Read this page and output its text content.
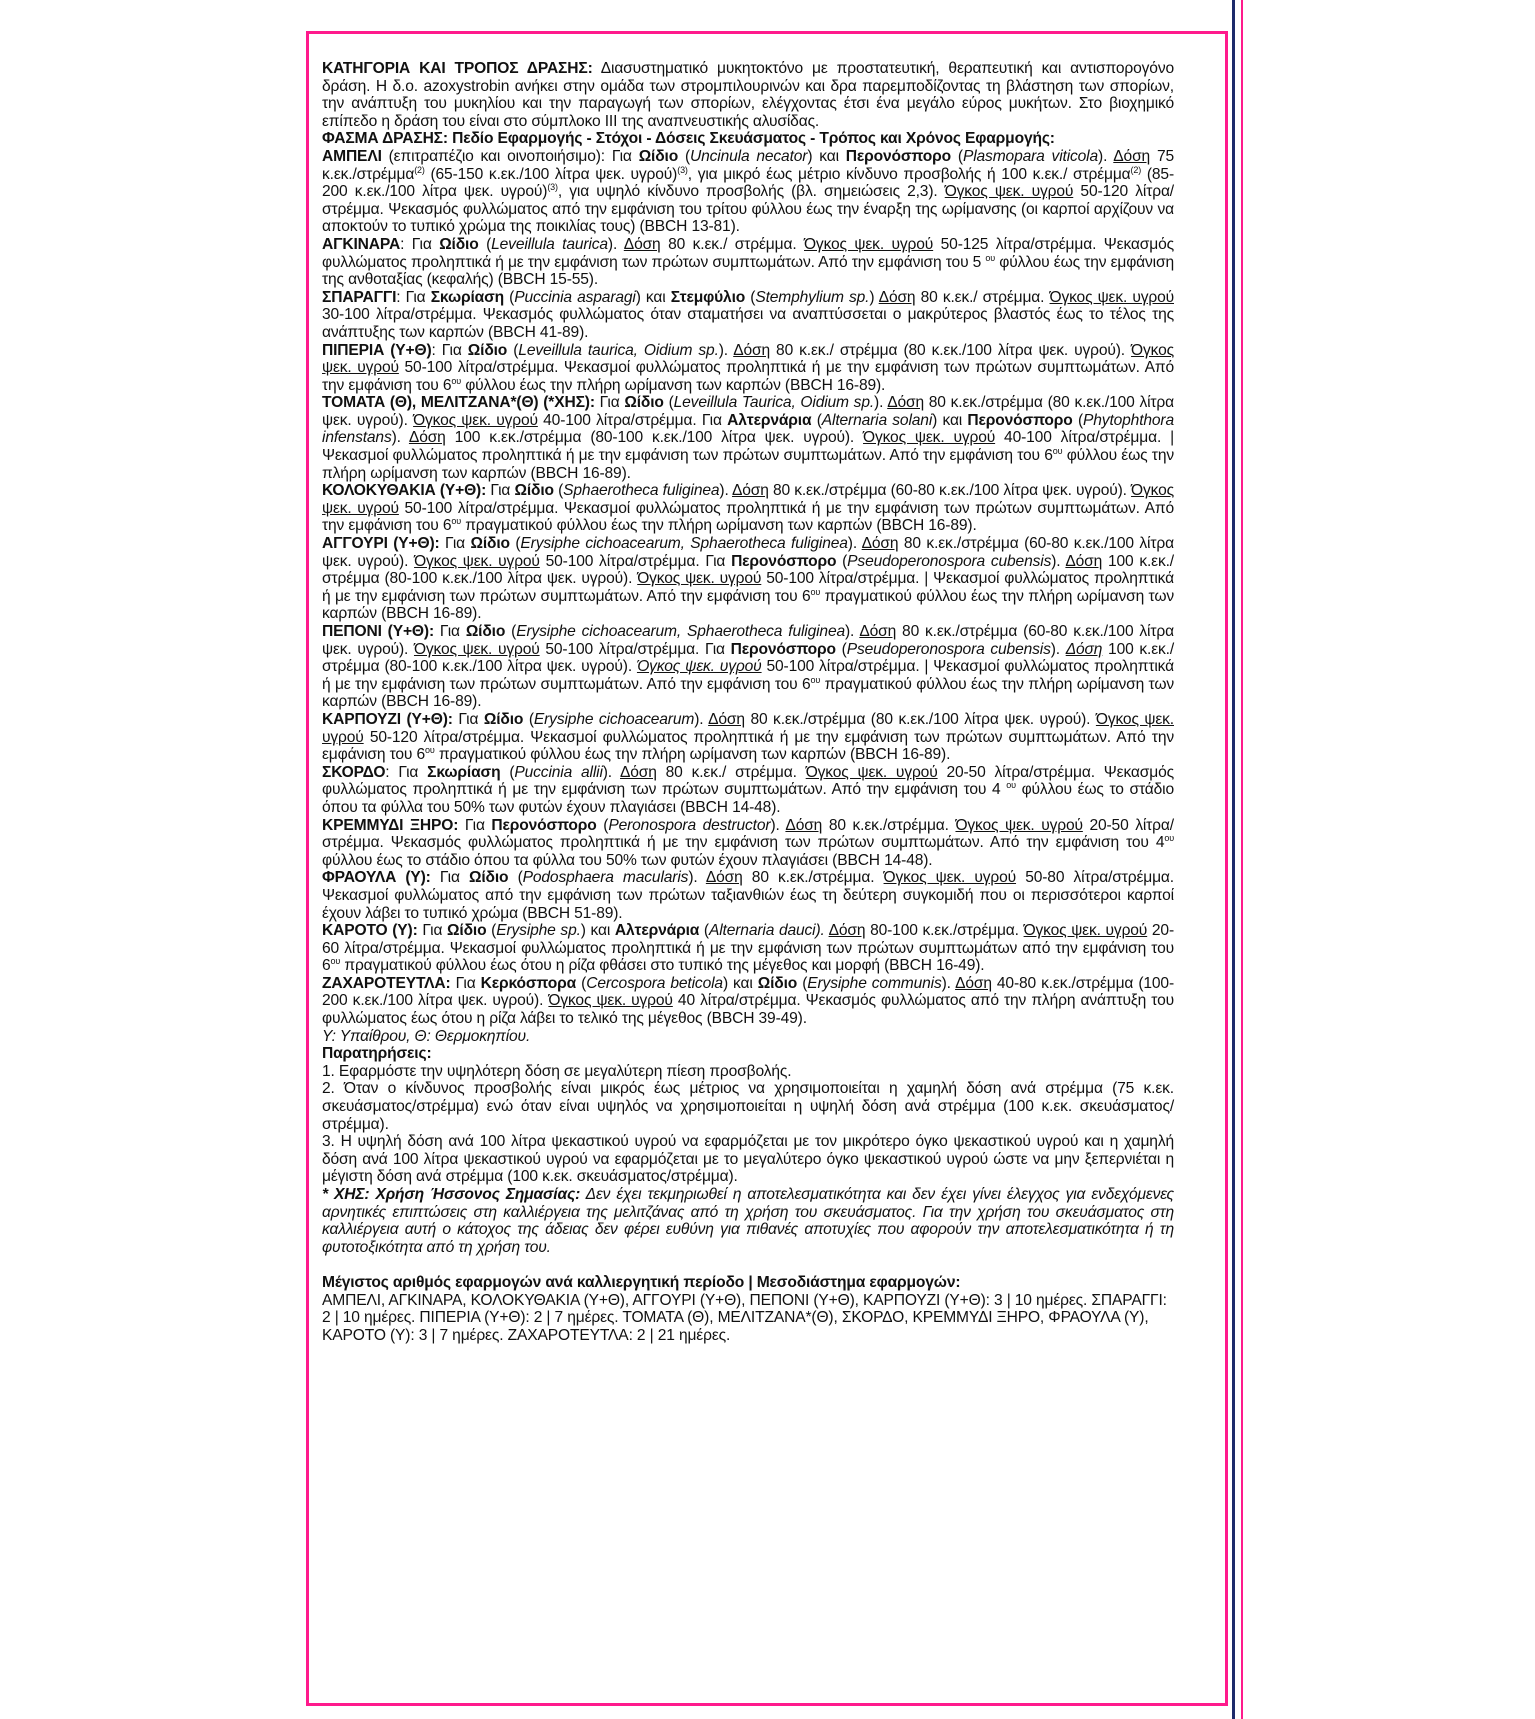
ΚΑΤΗΓΟΡΙΑ ΚΑΙ ΤΡΟΠΟΣ ΔΡΑΣΗΣ: Διασυστηματικό μυκητοκτόνο με προστατευτική, θεραπευτική και αντισπορογόνο δράση. Η δ.ο. azoxystrobin ανήκει στην ομάδα των στρομπιλουρινών και δρα παρεμποδίζοντας τη βλάστηση των σπορίων, την ανάπτυξη του μυκηλίου και την παραγωγή των σπορίων, ελέγχοντας έτσι ένα μεγάλο εύρος μυκήτων. Στο βιοχημικό επίπεδο η δράση του είναι στο σύμπλοκο ΙΙΙ της αναπνευστικής αλυσίδας.

ΦΑΣΜΑ ΔΡΑΣΗΣ: Πεδίο Εφαρμογής - Στόχοι - Δόσεις Σκευάσματος - Τρόπος και Χρόνος Εφαρμογής:

ΑΜΠΕΛΙ (επιτραπέζιο και οινοποιήσιμο): Για Ωίδιο (Uncinula necator) και Περονόσπορο (Plasmopara viticola). Δόση 75 κ.εκ./στρέμμα$^{(2)}$ (65-150 κ.εκ./100 λίτρα ψεκ. υγρού)$^{(3)}$, για μικρό έως μέτριο κίνδυνο προσβολής ή 100 κ.εκ./ στρέμμα$^{(2)}$ (85-200 κ.εκ./100 λίτρα ψεκ. υγρού)$^{(3)}$, για υψηλό κίνδυνο προσβολής (βλ. σημειώσεις 2,3). Όγκος ψεκ. υγρού 50-120 λίτρα/στρέμμα. Ψεκασμός φυλλώματος από την εμφάνιση του τρίτου φύλλου έως την έναρξη της ωρίμανσης (οι καρποί αρχίζουν να αποκτούν το τυπικό χρώμα της ποικιλίας τους) (BBCH 13-81).

ΑΓΚΙΝΑΡΑ: Για Ωίδιο (Leveillula taurica). Δόση 80 κ.εκ./ στρέμμα. Όγκος ψεκ. υγρού 50-125 λίτρα/στρέμμα. Ψεκασμός φυλλώματος προληπτικά ή με την εμφάνιση των πρώτων συμπτωμάτων. Από την εμφάνιση του 5 $^{o\upsilon}$ φύλλου έως την εμφάνιση της ανθοταξίας (κεφαλής) (BBCH 15-55).

ΣΠΑΡΑΓΓΙ: Για Σκωρίαση (Puccinia asparagi) και Στεμφύλιο (Stemphylium sp.) Δόση 80 κ.εκ./ στρέμμα. Όγκος ψεκ. υγρού 30-100 λίτρα/στρέμμα. Ψεκασμός φυλλώματος όταν σταματήσει να αναπτύσσεται ο μακρύτερος βλαστός έως το τέλος της ανάπτυξης των καρπών (BBCH 41-89).

ΠΙΠΕΡΙΑ (Υ+Θ): Για Ωίδιο (Leveillula taurica, Oidium sp.). Δόση 80 κ.εκ./ στρέμμα (80 κ.εκ./100 λίτρα ψεκ. υγρού). Όγκος ψεκ. υγρού 50-100 λίτρα/στρέμμα. Ψεκασμοί φυλλώματος προληπτικά ή με την εμφάνιση των πρώτων συμπτωμάτων. Από την εμφάνιση του $6^{o\upsilon}$ φύλλου έως την πλήρη ωρίμανση των καρπών (BBCH 16-89).

ΤΟΜΑΤΑ (Θ), ΜΕΛΙΤΖΑΝΑ*(Θ) (*ΧΗΣ): Για Ωίδιο (Leveillula Taurica, Oidium sp.). Δόση 80 κ.εκ./στρέμμα (80 κ.εκ./100 λίτρα ψεκ. υγρού). Όγκος ψεκ. υγρού 40-100 λίτρα/στρέμμα. Για Αλτερνάρια (Alternaria solani) και Περονόσπορο (Phytophthora infenstans). Δόση 100 κ.εκ./στρέμμα (80-100 κ.εκ./100 λίτρα ψεκ. υγρού). Όγκος ψεκ. υγρού 40-100 λίτρα/στρέμμα. | Ψεκασμοί φυλλώματος προληπτικά ή με την εμφάνιση των πρώτων συμπτωμάτων. Από την εμφάνιση του $6^{o\upsilon}$ φύλλου έως την πλήρη ωρίμανση των καρπών (BBCH 16-89).

ΚΟΛΟΚΥΘΑΚΙΑ (Υ+Θ): Για Ωίδιο (Sphaerotheca fuliginea). Δόση 80 κ.εκ./στρέμμα (60-80 κ.εκ./100 λίτρα ψεκ. υγρού). Όγκος ψεκ. υγρού 50-100 λίτρα/στρέμμα. Ψεκασμοί φυλλώματος προληπτικά ή με την εμφάνιση των πρώτων συμπτωμάτων. Από την εμφάνιση του $6^{o\upsilon}$ πραγματικού φύλλου έως την πλήρη ωρίμανση των καρπών (BBCH 16-89).

ΑΓΓΟΥΡΙ (Υ+Θ): Για Ωίδιο (Erysiphe cichoacearum, Sphaerotheca fuliginea). Δόση 80 κ.εκ./στρέμμα (60-80 κ.εκ./100 λίτρα ψεκ. υγρού). Όγκος ψεκ. υγρού 50-100 λίτρα/στρέμμα. Για Περονόσπορο (Pseudoperonospora cubensis). Δόση 100 κ.εκ./στρέμμα (80-100 κ.εκ./100 λίτρα ψεκ. υγρού). Όγκος ψεκ. υγρού 50-100 λίτρα/στρέμμα. | Ψεκασμοί φυλλώματος προληπτικά ή με την εμφάνιση των πρώτων συμπτωμάτων. Από την εμφάνιση του $6^{o\upsilon}$ πραγματικού φύλλου έως την πλήρη ωρίμανση των καρπών (BBCH 16-89).

ΠΕΠΟΝΙ (Υ+Θ): Για Ωίδιο (Erysiphe cichoacearum, Sphaerotheca fuliginea). Δόση 80 κ.εκ./στρέμμα (60-80 κ.εκ./100 λίτρα ψεκ. υγρού). Όγκος ψεκ. υγρού 50-100 λίτρα/στρέμμα. Για Περονόσπορο (Pseudoperonospora cubensis). Δόση 100 κ.εκ./στρέμμα (80-100 κ.εκ./100 λίτρα ψεκ. υγρού). Όγκος ψεκ. υγρού 50-100 λίτρα/στρέμμα. | Ψεκασμοί φυλλώματος προληπτικά ή με την εμφάνιση των πρώτων συμπτωμάτων. Από την εμφάνιση του $6^{o\upsilon}$ πραγματικού φύλλου έως την πλήρη ωρίμανση των καρπών (BBCH 16-89).

ΚΑΡΠΟΥΖΙ (Υ+Θ): Για Ωίδιο (Erysiphe cichoacearum). Δόση 80 κ.εκ./στρέμμα (80 κ.εκ./100 λίτρα ψεκ. υγρού). Όγκος ψεκ. υγρού 50-120 λίτρα/στρέμμα. Ψεκασμοί φυλλώματος προληπτικά ή με την εμφάνιση των πρώτων συμπτωμάτων. Από την εμφάνιση του $6^{o\upsilon}$ πραγματικού φύλλου έως την πλήρη ωρίμανση των καρπών (BBCH 16-89).

ΣΚΟΡΔΟ: Για Σκωρίαση (Puccinia allii). Δόση 80 κ.εκ./ στρέμμα. Όγκος ψεκ. υγρού 20-50 λίτρα/στρέμμα. Ψεκασμός φυλλώματος προληπτικά ή με την εμφάνιση των πρώτων συμπτωμάτων. Από την εμφάνιση του 4 $^{o\upsilon}$ φύλλου έως το στάδιο όπου τα φύλλα του 50% των φυτών έχουν πλαγιάσει (BBCH 14-48).

ΚΡΕΜΜΥΔΙ ΞΗΡΟ: Για Περονόσπορο (Peronospora destructor). Δόση 80 κ.εκ./στρέμμα. Όγκος ψεκ. υγρού 20-50 λίτρα/στρέμμα. Ψεκασμός φυλλώματος προληπτικά ή με την εμφάνιση των πρώτων συμπτωμάτων. Από την εμφάνιση του $4^{o\upsilon}$ φύλλου έως το στάδιο όπου τα φύλλα του 50% των φυτών έχουν πλαγιάσει (BBCH 14-48).

ΦΡΑΟΥΛΑ (Υ): Για Ωίδιο (Podosphaera macularis). Δόση 80 κ.εκ./στρέμμα. Όγκος ψεκ. υγρού 50-80 λίτρα/στρέμμα. Ψεκασμοί φυλλώματος από την εμφάνιση των πρώτων ταξιανθιών έως τη δεύτερη συγκομιδή που οι περισσότεροι καρποί έχουν λάβει το τυπικό χρώμα (BBCH 51-89).

ΚΑΡΟΤΟ (Υ): Για Ωίδιο (Erysiphe sp.) και Αλτερνάρια (Alternaria dauci). Δόση 80-100 κ.εκ./στρέμμα. Όγκος ψεκ. υγρού 20-60 λίτρα/στρέμμα. Ψεκασμοί φυλλώματος προληπτικά ή με την εμφάνιση των πρώτων συμπτωμάτων από την εμφάνιση του $6^{o\upsilon}$ πραγματικού φύλλου έως ότου η ρίζα φθάσει στο τυπικό της μέγεθος και μορφή (BBCH 16-49).

ΖΑΧΑΡΟΤΕΥΤΛΑ: Για Κερκόσπορα (Cercospora beticola) και Ωίδιο (Erysiphe communis). Δόση 40-80 κ.εκ./στρέμμα (100-200 κ.εκ./100 λίτρα ψεκ. υγρού). Όγκος ψεκ. υγρού 40 λίτρα/στρέμμα. Ψεκασμός φυλλώματος από την πλήρη ανάπτυξη του φυλλώματος έως ότου η ρίζα λάβει το τελικό της μέγεθος (BBCH 39-49).

Υ: Υπαίθρου, Θ: Θερμοκηπίου.

Παρατηρήσεις:

1. Εφαρμόστε την υψηλότερη δόση σε μεγαλύτερη πίεση προσβολής.

2. Όταν ο κίνδυνος προσβολής είναι μικρός έως μέτριος να χρησιμοποιείται η χαμηλή δόση ανά στρέμμα (75 κ.εκ. σκευάσματος/στρέμμα) ενώ όταν είναι υψηλός να χρησιμοποιείται η υψηλή δόση ανά στρέμμα (100 κ.εκ. σκευάσματος/ στρέμμα).

3. Η υψηλή δόση ανά 100 λίτρα ψεκαστικού υγρού να εφαρμόζεται με τον μικρότερο όγκο ψεκαστικού υγρού και η χαμηλή δόση ανά 100 λίτρα ψεκαστικού υγρού να εφαρμόζεται με το μεγαλύτερο όγκο ψεκαστικού υγρού ώστε να μην ξεπερνιέται η μέγιστη δόση ανά στρέμμα (100 κ.εκ. σκευάσματος/στρέμμα).

* ΧΗΣ: Χρήση Ήσσονος Σημασίας: Δεν έχει τεκμηριωθεί η αποτελεσματικότητα και δεν έχει γίνει έλεγχος για ενδεχόμενες αρνητικές επιπτώσεις στη καλλιέργεια της μελιτζάνας από τη χρήση του σκευάσματος. Για την χρήση του σκευάσματος στη καλλιέργεια αυτή ο κάτοχος της άδειας δεν φέρει ευθύνη για πιθανές αποτυχίες που αφορούν την αποτελεσματικότητα ή τη φυτοτοξικότητα από τη χρήση του.

Μέγιστος αριθμός εφαρμογών ανά καλλιεργητική περίοδο | Μεσοδιάστημα εφαρμογών:

ΑΜΠΕΛΙ, ΑΓΚΙΝΑΡΑ, ΚΟΛΟΚΥΘΑΚΙΑ (Υ+Θ), ΑΓΓΟΥΡΙ (Υ+Θ), ΠΕΠΟΝΙ (Υ+Θ), ΚΑΡΠΟΥΖΙ (Υ+Θ): 3 | 10 ημέρες. ΣΠΑΡΑΓΓΙ: 2 | 10 ημέρες. ΠΙΠΕΡΙΑ (Υ+Θ): 2 | 7 ημέρες. ΤΟΜΑΤΑ (Θ), ΜΕΛΙΤΖΑΝΑ*(Θ), ΣΚΟΡΔΟ, ΚΡΕΜΜΥΔΙ ΞΗΡΟ, ΦΡΑΟΥΛΑ (Υ), ΚΑΡΟΤΟ (Υ): 3 | 7 ημέρες. ΖΑΧΑΡΟΤΕΥΤΛΑ: 2 | 21 ημέρες.
